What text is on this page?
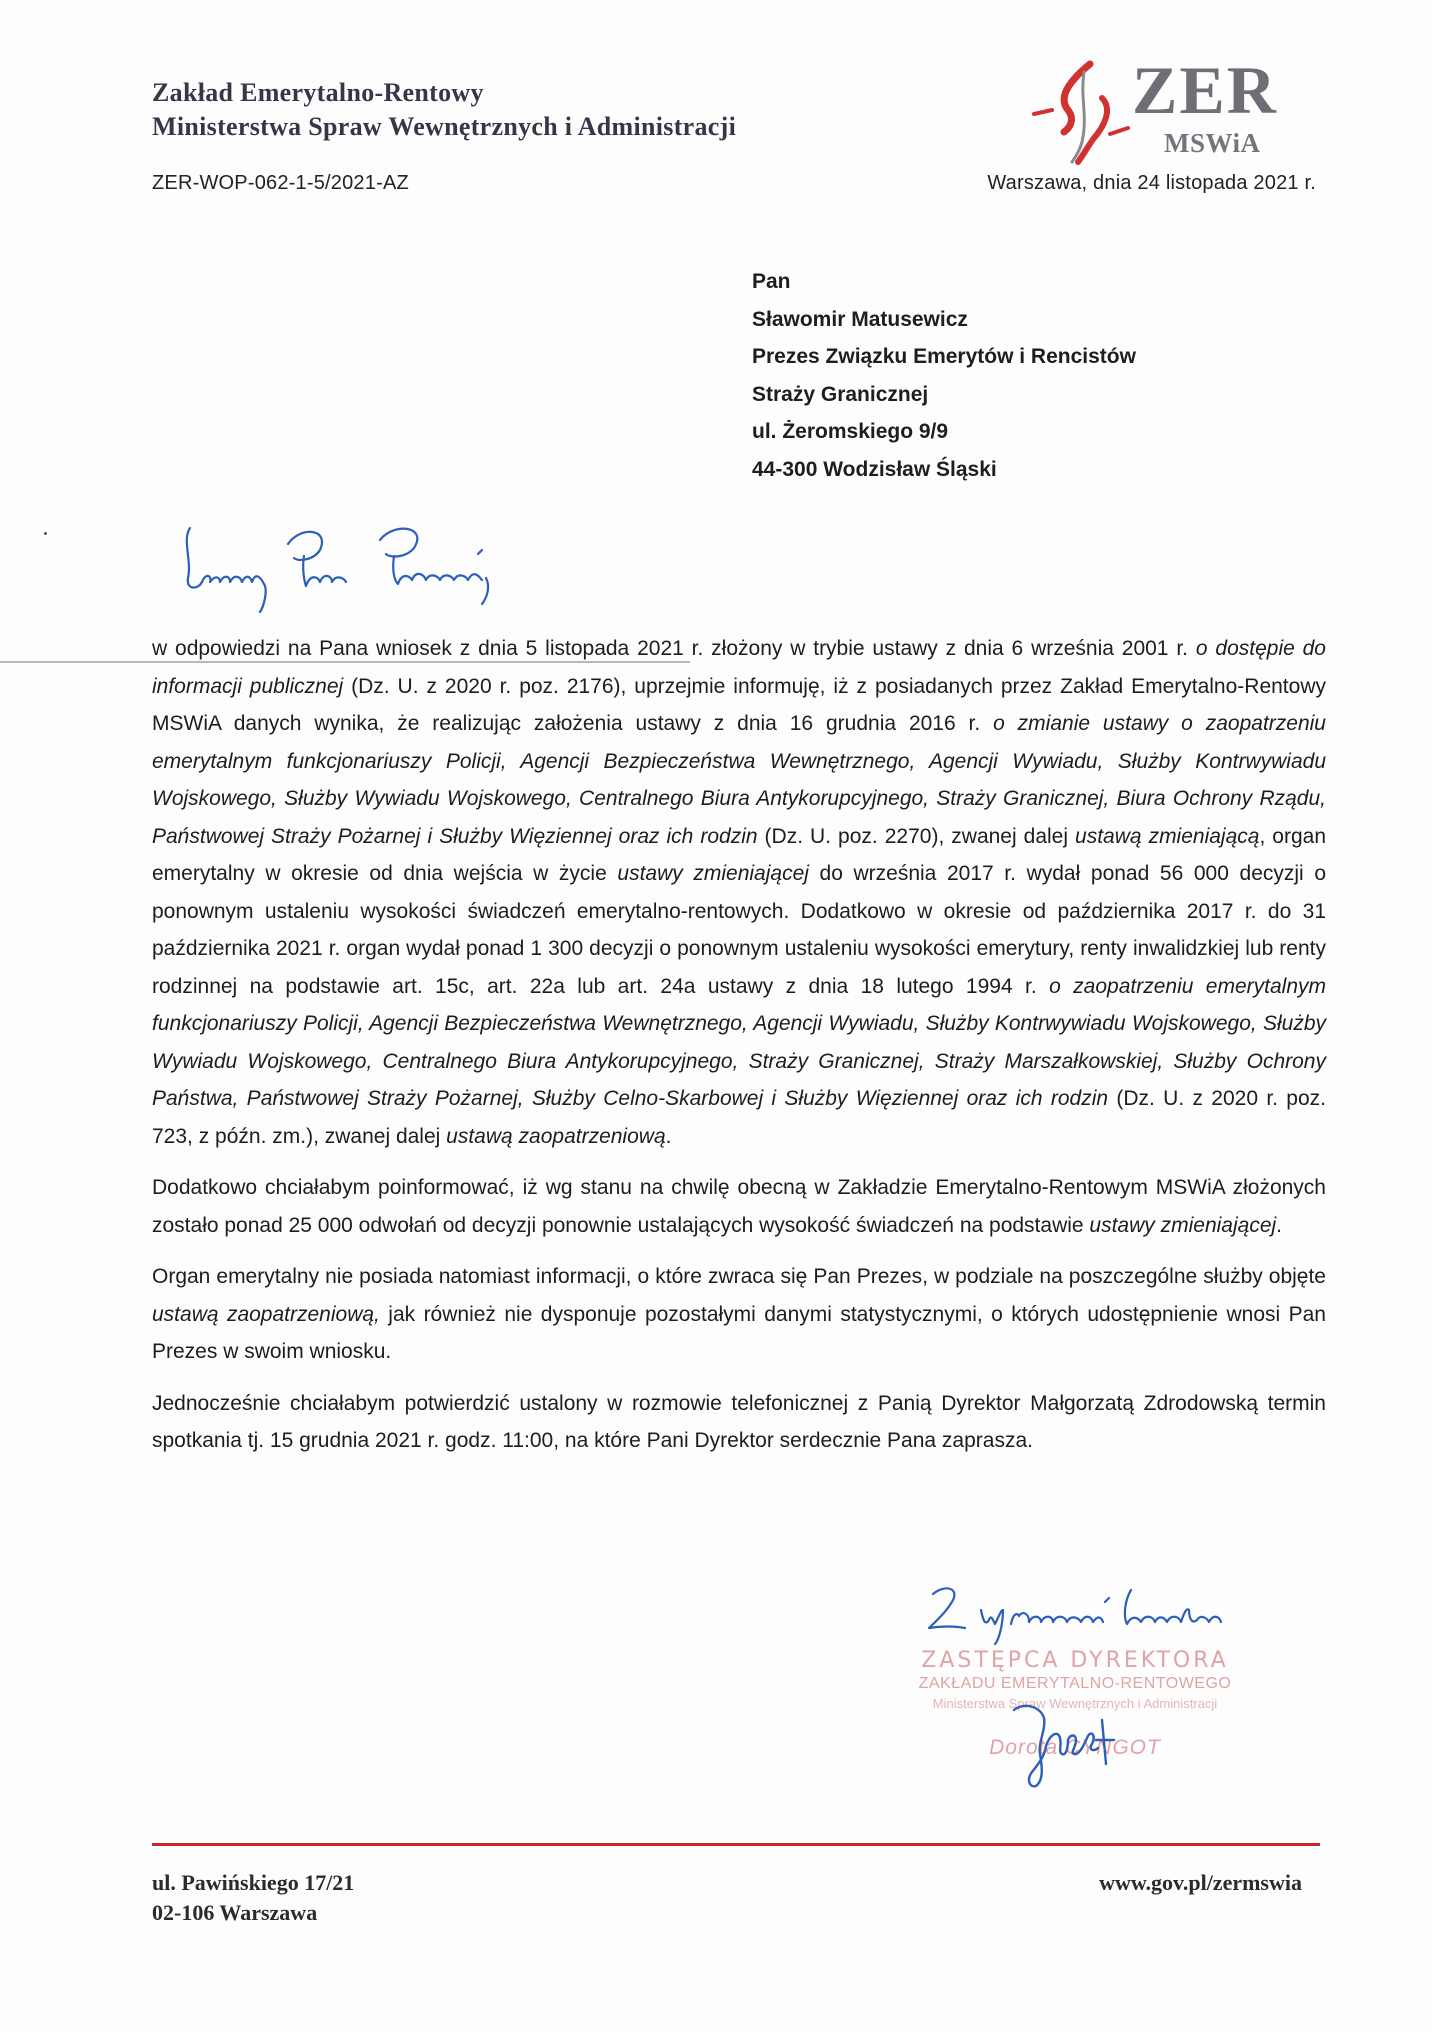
Zakład Emerytalno-Rentowy
Ministerstwa Spraw Wewnętrznych i Administracji
ZER-WOP-062-1-5/2021-AZ	Warszawa, dnia 24 listopada 2021 r.
ZER
MSWiA
Pan
Sławomir Matusewicz
Prezes Związku Emerytów i Rencistów
Straży Granicznej
ul. Żeromskiego 9/9
44-300 Wodzisław Śląski

w odpowiedzi na Pana wniosek z dnia 5 listopada 2021 r. złożony w trybie ustawy z dnia 6 września 2001 r. o dostępie do informacji publicznej (Dz. U. z 2020 r. poz. 2176), uprzejmie informuję, iż z posiadanych przez Zakład Emerytalno-Rentowy MSWiA danych wynika, że realizując założenia ustawy z dnia 16 grudnia 2016 r. o zmianie ustawy o zaopatrzeniu emerytalnym funkcjonariuszy Policji, Agencji Bezpieczeństwa Wewnętrznego, Agencji Wywiadu, Służby Kontrwywiadu Wojskowego, Służby Wywiadu Wojskowego, Centralnego Biura Antykorupcyjnego, Straży Granicznej, Biura Ochrony Rządu, Państwowej Straży Pożarnej i Służby Więziennej oraz ich rodzin (Dz. U. poz. 2270), zwanej dalej ustawą zmieniającą, organ emerytalny w okresie od dnia wejścia w życie ustawy zmieniającej do września 2017 r. wydał ponad 56 000 decyzji o ponownym ustaleniu wysokości świadczeń emerytalno-rentowych. Dodatkowo w okresie od października 2017 r. do 31 października 2021 r. organ wydał ponad 1 300 decyzji o ponownym ustaleniu wysokości emerytury, renty inwalidzkiej lub renty rodzinnej na podstawie art. 15c, art. 22a lub art. 24a ustawy z dnia 18 lutego 1994 r. o zaopatrzeniu emerytalnym funkcjonariuszy Policji, Agencji Bezpieczeństwa Wewnętrznego, Agencji Wywiadu, Służby Kontrwywiadu Wojskowego, Służby Wywiadu Wojskowego, Centralnego Biura Antykorupcyjnego, Straży Granicznej, Straży Marszałkowskiej, Służby Ochrony Państwa, Państwowej Straży Pożarnej, Służby Celno-Skarbowej i Służby Więziennej oraz ich rodzin (Dz. U. z 2020 r. poz. 723, z późn. zm.), zwanej dalej ustawą zaopatrzeniową.

Dodatkowo chciałabym poinformować, iż wg stanu na chwilę obecną w Zakładzie Emerytalno-Rentowym MSWiA złożonych zostało ponad 25 000 odwołań od decyzji ponownie ustalających wysokość świadczeń na podstawie ustawy zmieniającej.

Organ emerytalny nie posiada natomiast informacji, o które zwraca się Pan Prezes, w podziale na poszczególne służby objęte ustawą zaopatrzeniową, jak również nie dysponuje pozostałymi danymi statystycznymi, o których udostępnienie wnosi Pan Prezes w swoim wniosku.

Jednocześnie chciałabym potwierdzić ustalony w rozmowie telefonicznej z Panią Dyrektor Małgorzatą Zdrodowską termin spotkania tj. 15 grudnia 2021 r. godz. 11:00, na które Pani Dyrektor serdecznie Pana zaprasza.

ZASTĘPCA DYREKTORA
ZAKŁADU EMERYTALNO-RENTOWEGO
Ministerstwa Spraw Wewnętrznych i Administracji
Dorota CYNGOT
ul. Pawińskiego 17/21
02-106 Warszawa
www.gov.pl/zermswia
